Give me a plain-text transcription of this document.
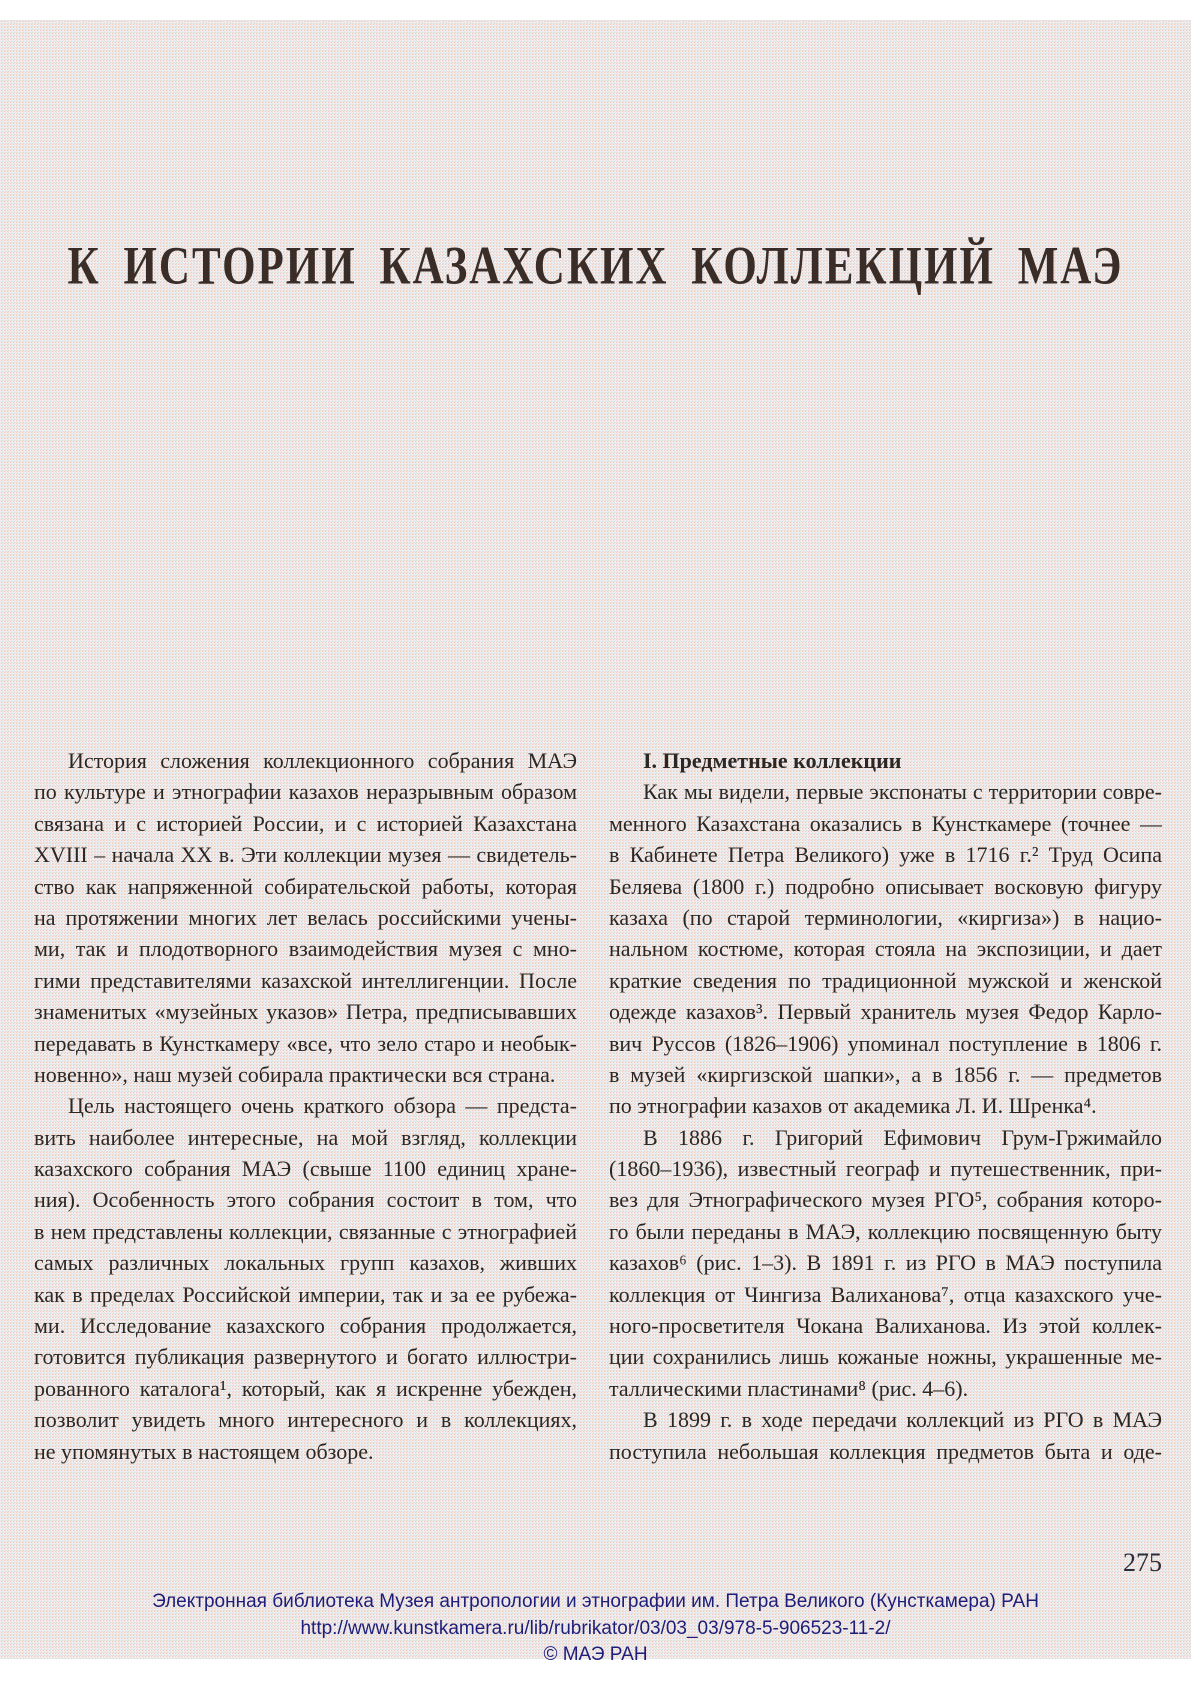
К ИСТОРИИ КАЗАХСКИХ КОЛЛЕКЦИЙ МАЭ
История сложения коллекционного собрания МАЭ
по культуре и этнографии казахов неразрывным образом
связана и с историей России, и с историей Казахстана
XVIII – начала XX в. Эти коллекции музея — свидетель-
ство как напряженной собирательской работы, которая
на протяжении многих лет велась российскими учены-
ми, так и плодотворного взаимодействия музея с мно-
гими представителями казахской интеллигенции. После
знаменитых «музейных указов» Петра, предписывавших
передавать в Кунсткамеру «все, что зело старо и необык-
новенно», наш музей собирала практически вся страна.
Цель настоящего очень краткого обзора — предста-
вить наиболее интересные, на мой взгляд, коллекции
казахского собрания МАЭ (свыше 1100 единиц хране-
ния). Особенность этого собрания состоит в том, что
в нем представлены коллекции, связанные с этнографией
самых различных локальных групп казахов, живших
как в пределах Российской империи, так и за ее рубежа-
ми. Исследование казахского собрания продолжается,
готовится публикация развернутого и богато иллюстри-
рованного каталога¹, который, как я искренне убежден,
позволит увидеть много интересного и в коллекциях,
не упомянутых в настоящем обзоре.
I. Предметные коллекции
Как мы видели, первые экспонаты с территории совре-
менного Казахстана оказались в Кунсткамере (точнее —
в Кабинете Петра Великого) уже в 1716 г.² Труд Осипа
Беляева (1800 г.) подробно описывает восковую фигуру
казаха (по старой терминологии, «киргиза») в нацио-
нальном костюме, которая стояла на экспозиции, и дает
краткие сведения по традиционной мужской и женской
одежде казахов³. Первый хранитель музея Федор Карло-
вич Руссов (1826–1906) упоминал поступление в 1806 г.
в музей «киргизской шапки», а в 1856 г. — предметов
по этнографии казахов от академика Л. И. Шренка⁴.
В 1886 г. Григорий Ефимович Грум-Гржимайло
(1860–1936), известный географ и путешественник, при-
вез для Этнографического музея РГО⁵, собрания которо-
го были переданы в МАЭ, коллекцию посвященную быту
казахов⁶ (рис. 1–3). В 1891 г. из РГО в МАЭ поступила
коллекция от Чингиза Валиханова⁷, отца казахского уче-
ного-просветителя Чокана Валиханова. Из этой коллек-
ции сохранились лишь кожаные ножны, украшенные ме-
таллическими пластинами⁸ (рис. 4–6).
В 1899 г. в ходе передачи коллекций из РГО в МАЭ
поступила небольшая коллекция предметов быта и оде-
275
Электронная библиотека Музея антропологии и этнографии им. Петра Великого (Кунсткамера) РАН
http://www.kunstkamera.ru/lib/rubrikator/03/03_03/978-5-906523-11-2/
© МАЭ РАН
